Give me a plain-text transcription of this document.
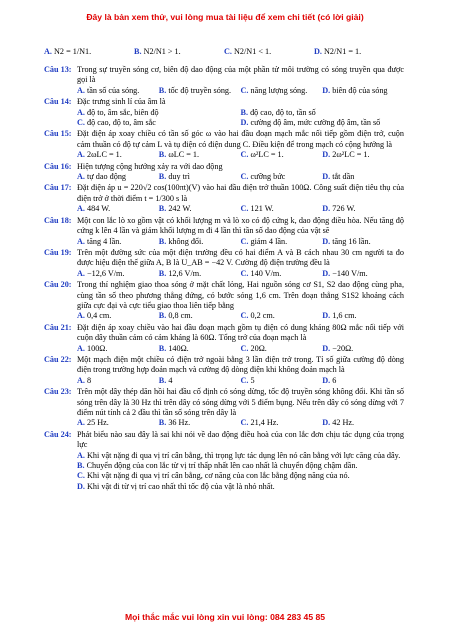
Đây là bản xem thử, vui lòng mua tài liệu để xem chi tiết (có lời giải)
A. N2 = 1/N1.	B. N2/N1 > 1.	C. N2/N1 < 1.	D. N2/N1 = 1.
Câu 13: Trong sự truyền sóng cơ, biên độ dao động của một phần tử môi trường có sóng truyền qua được gọi là
A. tần số của sóng.	B. tốc độ truyền sóng.	C. năng lượng sóng.	D. biên độ của sóng
Câu 14: Đặc trưng sinh lí của âm là
A. độ to, âm sắc, biên độ	B. độ cao, độ to, tần số
C. độ cao, độ to, âm sắc	D. cường độ âm, mức cường độ âm, tần số
Câu 15: Đặt điện áp xoay chiều có tần số góc ω vào hai đầu đoạn mạch mắc nối tiếp gồm điện trở, cuộn cảm thuần có độ tự cảm L và tụ điện có điện dung C. Điều kiện để trong mạch có cộng hưởng là
A. 2ωLC = 1.	B. ωLC = 1.	C. ω²LC = 1.	D. 2ω²LC = 1.
Câu 16: Hiện tượng cộng hưởng xảy ra với dao động
A. tự dao động	B. duy trì	C. cưỡng bức	D. tắt dần
Câu 17: Đặt điện áp u = 220√2 cos(100πt)(V) vào hai đầu điện trở thuần 100Ω. Công suất điện tiêu thụ của điện trở ở thời điểm t = 1/300 s là
A. 484 W.	B. 242 W.	C. 121 W.	D. 726 W.
Câu 18: Một con lắc lò xo gồm vật có khối lượng m và lò xo có độ cứng k, dao động điều hòa. Nếu tăng độ cứng k lên 4 lần và giảm khối lượng m đi 4 lần thì tần số dao động của vật sẽ
A. tăng 4 lần.	B. không đổi.	C. giảm 4 lần.	D. tăng 16 lần.
Câu 19: Trên một đường sức của một điện trường đều có hai điểm A và B cách nhau 30 cm người ta đo được hiệu điện thế giữa A, B là U_AB = −42 V. Cường độ điện trường đều là
A. −12,6 V/m.	B. 12,6 V/m.	C. 140 V/m.	D. −140 V/m.
Câu 20: Trong thí nghiệm giao thoa sóng ở mặt chất lỏng, Hai nguồn sóng cơ S1, S2 dao động cùng pha, cùng tần số theo phương thẳng đứng, có bước sóng 1,6 cm. Trên đoạn thẳng S1S2 khoảng cách giữa cực đại và cực tiểu giao thoa liên tiếp bằng
A. 0,4 cm.	B. 0,8 cm.	C. 0,2 cm.	D. 1,6 cm.
Câu 21: Đặt điện áp xoay chiều vào hai đầu đoạn mạch gồm tụ điện có dung kháng 80Ω mắc nối tiếp với cuộn dây thuần cảm có cảm kháng là 60Ω. Tổng trở của đoạn mạch là
A. 100Ω.	B. 140Ω.	C. 20Ω.	D. −20Ω.
Câu 22: Một mạch điện một chiều có điện trở ngoài bằng 3 lần điện trở trong. Tỉ số giữa cường độ dòng điện trong trường hợp đoản mạch và cường độ dòng điện khi không đoản mạch là
A. 8	B. 4	C. 5	D. 6
Câu 23: Trên một dây thép dăn hồi hai đầu cố định có sóng dừng, tốc độ truyền sóng không đổi. Khi tần số sóng trên dây là 30 Hz thì trên dây có sóng dừng với 5 điểm bụng. Nếu trên dây có sóng dừng với 7 điểm nút tính cả 2 đầu thì tần số sóng trên dây là
A. 25 Hz.	B. 36 Hz.	C. 21,4 Hz.	D. 42 Hz.
Câu 24: Phát biểu nào sau đây là sai khi nói về dao động điều hoà của con lắc đơn chịu tác dụng của trọng lực
A. Khi vật nặng đi qua vị trí cân bằng, thì trọng lực tác dụng lên nó cân bằng với lực căng của dây.
B. Chuyển động của con lắc từ vị trí thấp nhất lên cao nhất là chuyển động chậm dần.
C. Khi vật nặng đi qua vị trí cân bằng, cơ năng của con lắc bằng động năng của nó.
D. Khi vật đi từ vị trí cao nhất thì tốc độ của vật là nhỏ nhất.
Mọi thắc mắc vui lòng xin vui lòng: 084 283 45 85
